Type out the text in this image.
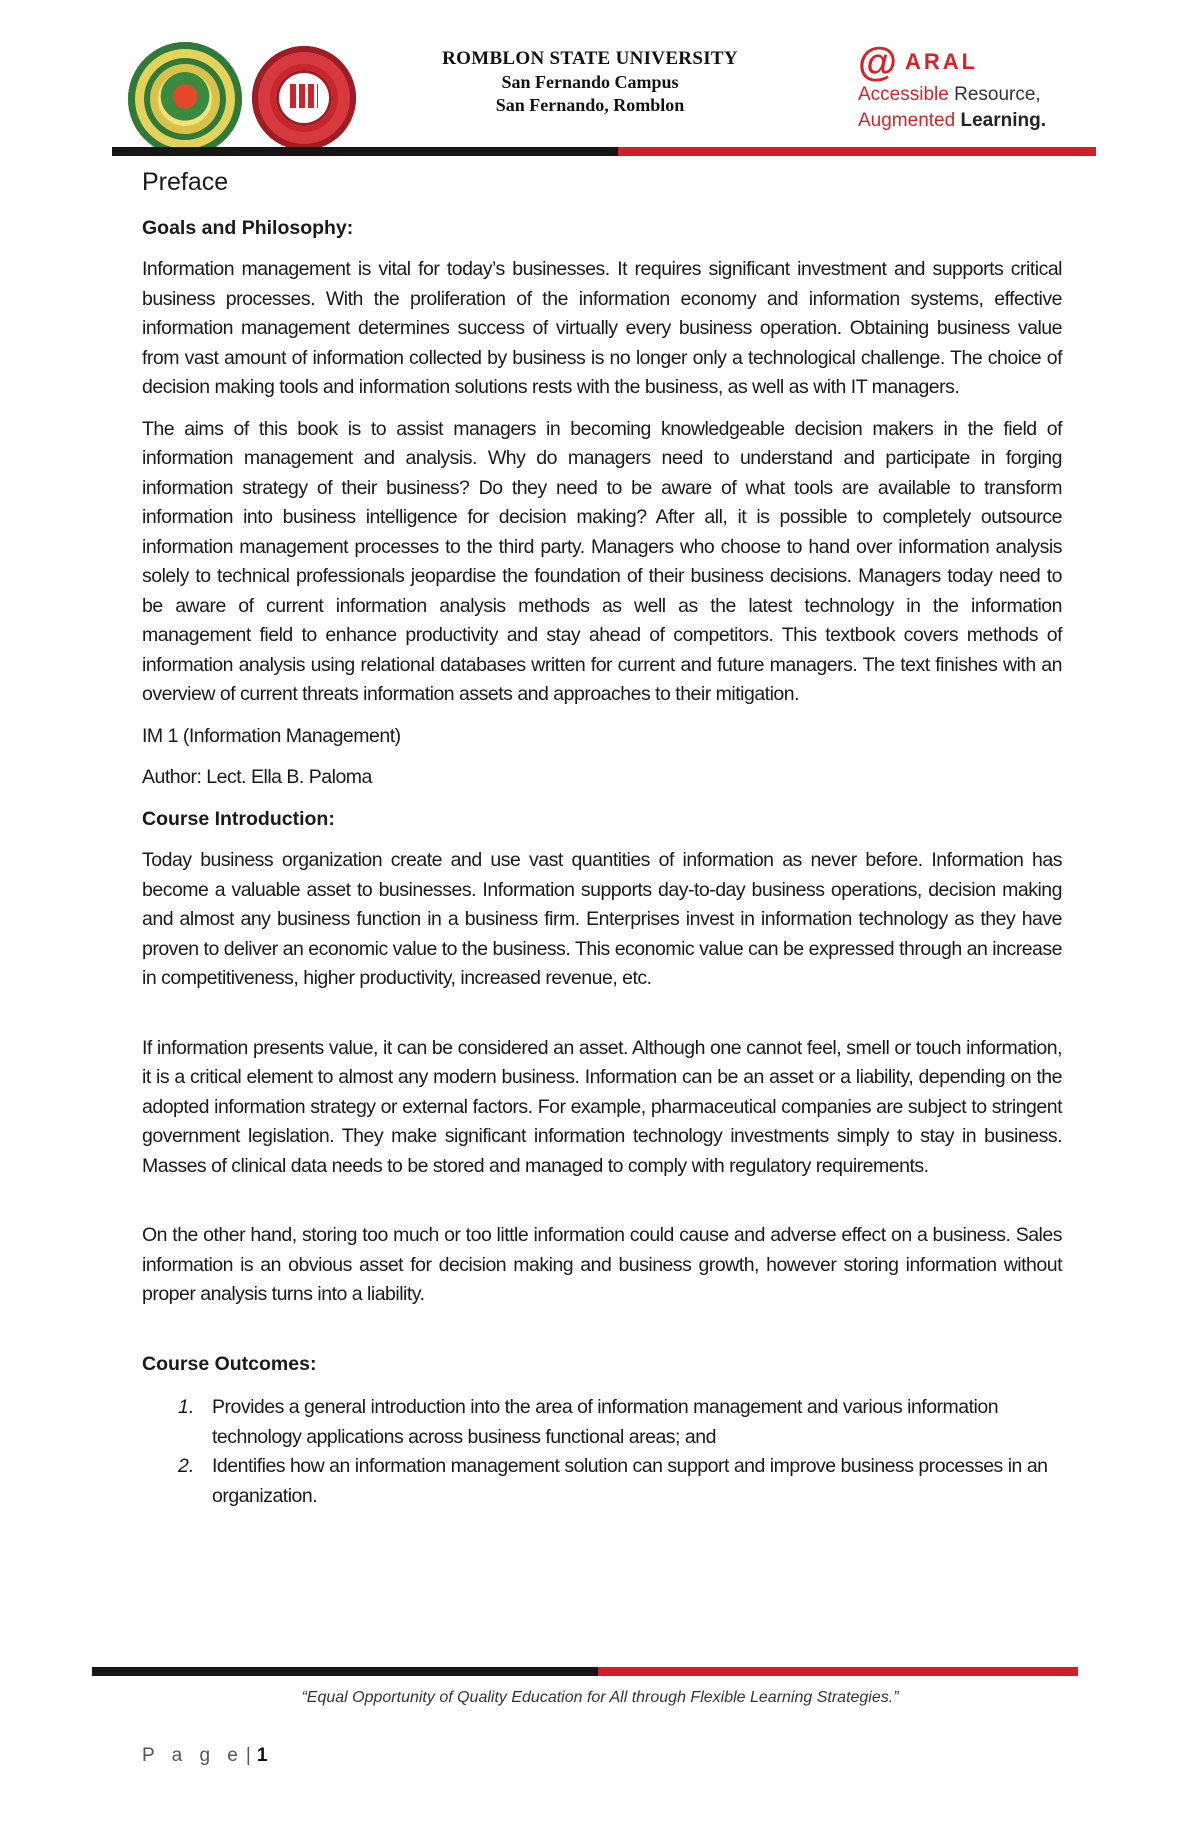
ROMBLON STATE UNIVERSITY
San Fernando Campus
San Fernando, Romblon
@ ARAL
Accessible Resource,
Augmented Learning.
Preface
Goals and Philosophy:

Information management is vital for today’s businesses. It requires significant investment and supports critical business processes. With the proliferation of the information economy and information systems, effective information management determines success of virtually every business operation. Obtaining business value from vast amount of information collected by business is no longer only a technological challenge. The choice of decision making tools and information solutions rests with the business, as well as with IT managers.

The aims of this book is to assist managers in becoming knowledgeable decision makers in the field of information management and analysis. Why do managers need to understand and participate in forging information strategy of their business? Do they need to be aware of what tools are available to transform information into business intelligence for decision making? After all, it is possible to completely outsource information management processes to the third party. Managers who choose to hand over information analysis solely to technical professionals jeopardise the foundation of their business decisions. Managers today need to be aware of current information analysis methods as well as the latest technology in the information management field to enhance productivity and stay ahead of competitors. This textbook covers methods of information analysis using relational databases written for current and future managers. The text finishes with an overview of current threats information assets and approaches to their mitigation.

IM 1 (Information Management)

Author: Lect. Ella B. Paloma

Course Introduction:

Today business organization create and use vast quantities of information as never before. Information has become a valuable asset to businesses. Information supports day-to-day business operations, decision making and almost any business function in a business firm. Enterprises invest in information technology as they have proven to deliver an economic value to the business. This economic value can be expressed through an increase in competitiveness, higher productivity, increased revenue, etc.

If information presents value, it can be considered an asset. Although one cannot feel, smell or touch information, it is a critical element to almost any modern business. Information can be an asset or a liability, depending on the adopted information strategy or external factors. For example, pharmaceutical companies are subject to stringent government legislation. They make significant information technology investments simply to stay in business. Masses of clinical data needs to be stored and managed to comply with regulatory requirements.

On the other hand, storing too much or too little information could cause and adverse effect on a business. Sales information is an obvious asset for decision making and business growth, however storing information without proper analysis turns into a liability.

Course Outcomes:
1. Provides a general introduction into the area of information management and various information technology applications across business functional areas; and
2. Identifies how an information management solution can support and improve business processes in an organization.
“Equal Opportunity of Quality Education for All through Flexible Learning Strategies.”
P a g e | 1
